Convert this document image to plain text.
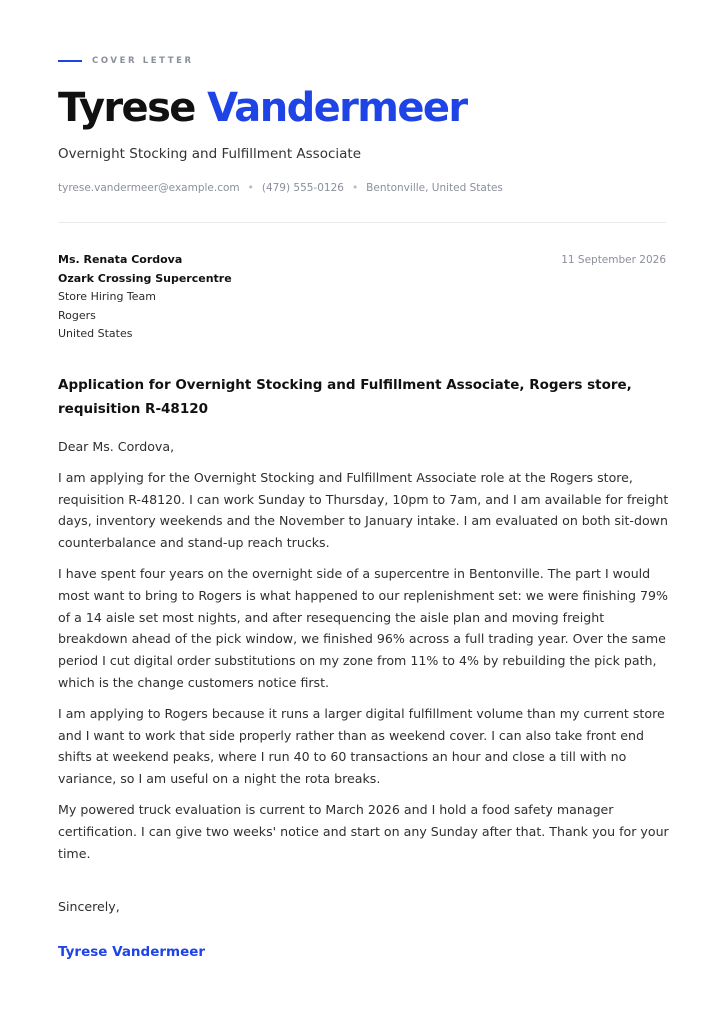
COVER LETTER
Tyrese Vandermeer
Overnight Stocking and Fulfillment Associate
tyrese.vandermeer@example.com • (479) 555-0126 • Bentonville, United States
Ms. Renata Cordova
Ozark Crossing Supercentre
Store Hiring Team
Rogers
United States
11 September 2026
Application for Overnight Stocking and Fulfillment Associate, Rogers store, requisition R-48120

Dear Ms. Cordova,

I am applying for the Overnight Stocking and Fulfillment Associate role at the Rogers store, requisition R-48120. I can work Sunday to Thursday, 10pm to 7am, and I am available for freight days, inventory weekends and the November to January intake. I am evaluated on both sit-down counterbalance and stand-up reach trucks.

I have spent four years on the overnight side of a supercentre in Bentonville. The part I would most want to bring to Rogers is what happened to our replenishment set: we were finishing 79% of a 14 aisle set most nights, and after resequencing the aisle plan and moving freight breakdown ahead of the pick window, we finished 96% across a full trading year. Over the same period I cut digital order substitutions on my zone from 11% to 4% by rebuilding the pick path, which is the change customers notice first.

I am applying to Rogers because it runs a larger digital fulfillment volume than my current store and I want to work that side properly rather than as weekend cover. I can also take front end shifts at weekend peaks, where I run 40 to 60 transactions an hour and close a till with no variance, so I am useful on a night the rota breaks.

My powered truck evaluation is current to March 2026 and I hold a food safety manager certification. I can give two weeks' notice and start on any Sunday after that. Thank you for your time.

Sincerely,
Tyrese Vandermeer
